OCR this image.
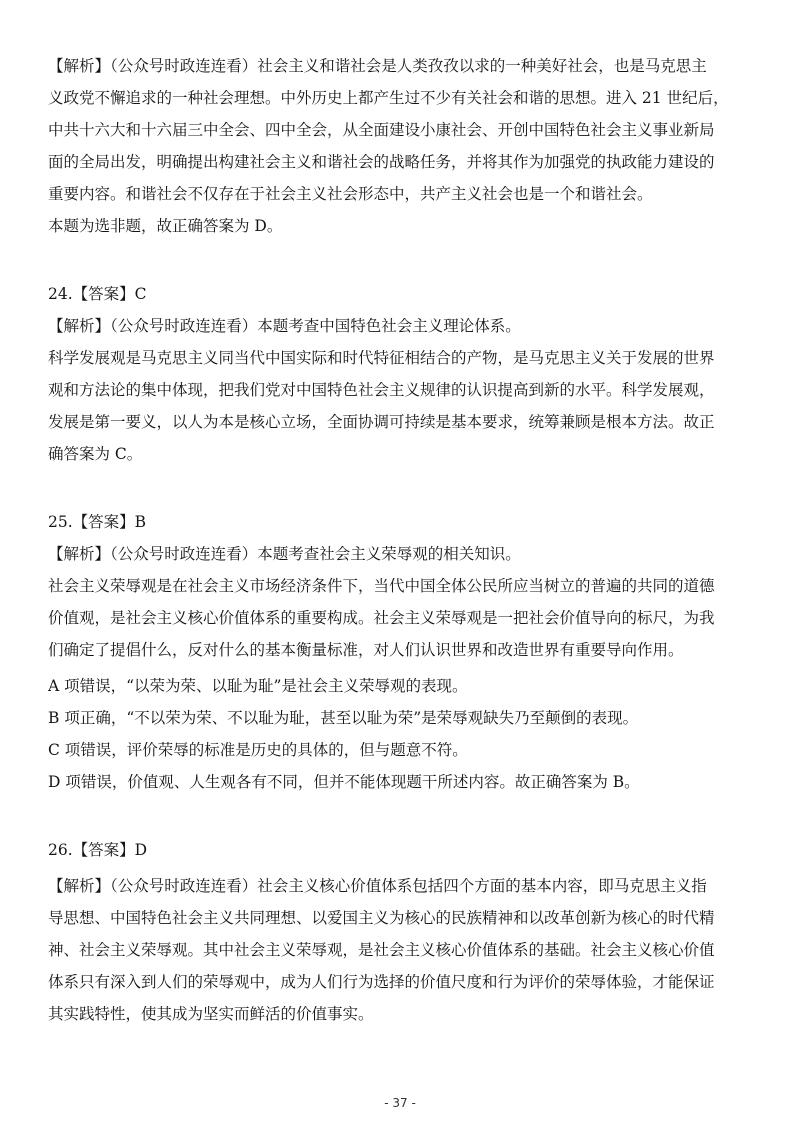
【解析】（公众号时政连连看）社会主义和谐社会是人类孜孜以求的一种美好社会，也是马克思主
义政党不懈追求的一种社会理想。中外历史上都产生过不少有关社会和谐的思想。进入 21 世纪后，
中共十六大和十六届三中全会、四中全会，从全面建设小康社会、开创中国特色社会主义事业新局
面的全局出发，明确提出构建社会主义和谐社会的战略任务，并将其作为加强党的执政能力建设的
重要内容。和谐社会不仅存在于社会主义社会形态中，共产主义社会也是一个和谐社会。
本题为选非题，故正确答案为 D。
24.【答案】C
【解析】（公众号时政连连看）本题考查中国特色社会主义理论体系。
科学发展观是马克思主义同当代中国实际和时代特征相结合的产物，是马克思主义关于发展的世界
观和方法论的集中体现，把我们党对中国特色社会主义规律的认识提高到新的水平。科学发展观，
发展是第一要义，以人为本是核心立场，全面协调可持续是基本要求，统筹兼顾是根本方法。故正
确答案为 C。
25.【答案】B
【解析】（公众号时政连连看）本题考查社会主义荣辱观的相关知识。
社会主义荣辱观是在社会主义市场经济条件下，当代中国全体公民所应当树立的普遍的共同的道德
价值观，是社会主义核心价值体系的重要构成。社会主义荣辱观是一把社会价值导向的标尺，为我
们确定了提倡什么，反对什么的基本衡量标准，对人们认识世界和改造世界有重要导向作用。
A 项错误，“以荣为荣、以耻为耻”是社会主义荣辱观的表现。
B 项正确，“不以荣为荣、不以耻为耻，甚至以耻为荣”是荣辱观缺失乃至颠倒的表现。
C 项错误，评价荣辱的标准是历史的具体的，但与题意不符。
D 项错误，价值观、人生观各有不同，但并不能体现题干所述内容。故正确答案为 B。
26.【答案】D
【解析】（公众号时政连连看）社会主义核心价值体系包括四个方面的基本内容，即马克思主义指
导思想、中国特色社会主义共同理想、以爱国主义为核心的民族精神和以改革创新为核心的时代精
神、社会主义荣辱观。其中社会主义荣辱观，是社会主义核心价值体系的基础。社会主义核心价值
体系只有深入到人们的荣辱观中，成为人们行为选择的价值尺度和行为评价的荣辱体验，才能保证
其实践特性，使其成为坚实而鲜活的价值事实。
- 37 -
